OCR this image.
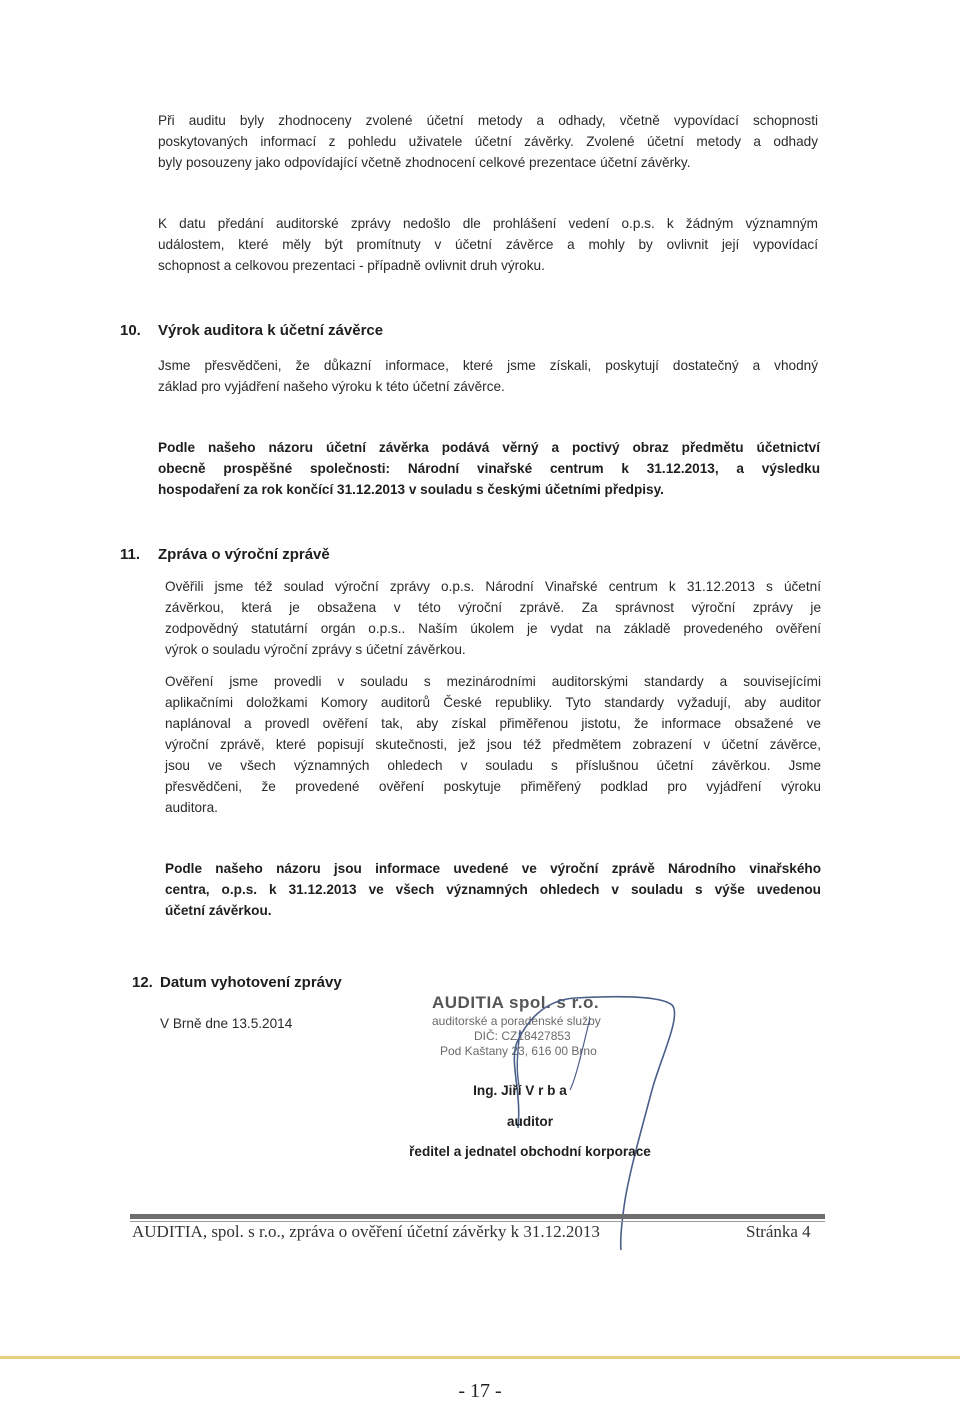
Při auditu byly zhodnoceny zvolené účetní metody a odhady, včetně vypovídací schopnosti
poskytovaných informací z pohledu uživatele účetní závěrky. Zvolené účetní metody a odhady
byly posouzeny jako odpovídající včetně zhodnocení celkové prezentace účetní závěrky.
K datu předání auditorské zprávy nedošlo dle prohlášení vedení o.p.s. k žádným významným
událostem, které měly být promítnuty v účetní závěrce a mohly by ovlivnit její vypovídací
schopnost a celkovou prezentaci - případně ovlivnit druh výroku.
10. Výrok auditora k účetní závěrce
Jsme přesvědčeni, že důkazní informace, které jsme získali, poskytují dostatečný a vhodný
základ pro vyjádření našeho výroku k této účetní závěrce.
Podle našeho názoru účetní závěrka podává věrný a poctivý obraz předmětu účetnictví
obecně prospěšné společnosti: Národní vinařské centrum k 31.12.2013, a výsledku
hospodaření za rok končící 31.12.2013 v souladu s českými účetními předpisy.
11. Zpráva o výroční zprávě
Ověřili jsme též soulad výroční zprávy o.p.s. Národní Vinařské centrum k 31.12.2013 s účetní
závěrkou, která je obsažena v této výroční zprávě. Za správnost výroční zprávy je
zodpovědný statutární orgán o.p.s.. Naším úkolem je vydat na základě provedeného ověření
výrok o souladu výroční zprávy s účetní závěrkou.
Ověření jsme provedli v souladu s mezinárodními auditorskými standardy a souvisejícími
aplikačními doložkami Komory auditorů České republiky. Tyto standardy vyžadují, aby auditor
naplánoval a provedl ověření tak, aby získal přiměřenou jistotu, že informace obsažené ve
výroční zprávě, které popisují skutečnosti, jež jsou též předmětem zobrazení v účetní závěrce,
jsou ve všech významných ohledech v souladu s příslušnou účetní závěrkou. Jsme
přesvědčeni, že provedené ověření poskytuje přiměřený podklad pro vyjádření výroku
auditora.
Podle našeho názoru jsou informace uvedené ve výroční zprávě Národního vinařského
centra, o.p.s. k 31.12.2013 ve všech významných ohledech v souladu s výše uvedenou
účetní závěrkou.
12. Datum vyhotovení zprávy
V Brně dne 13.5.2014
AUDITIA spol. s r.o.
auditorské a poradenské služby
DIČ: CZ18427853
Pod Kaštany 23, 616 00 Brno
Ing. Jiří V r b a
auditor
ředitel a jednatel obchodní korporace
AUDITIA, spol. s r.o., zpráva o ověření účetní závěrky k 31.12.2013	Stránka 4
- 17 -
